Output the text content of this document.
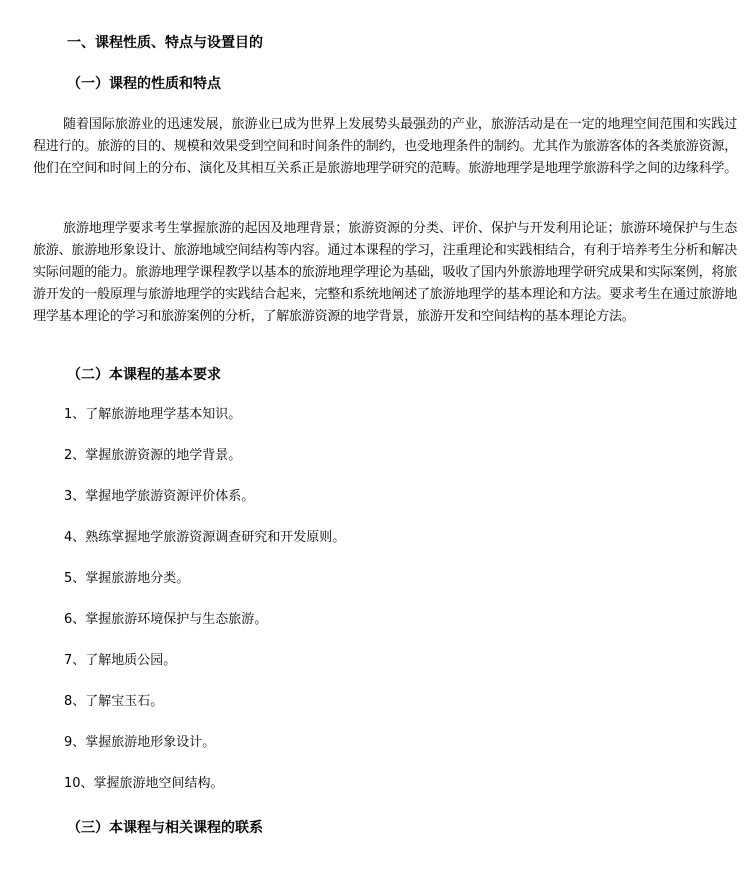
一、课程性质、特点与设置目的
（一）课程的性质和特点

随着国际旅游业的迅速发展，旅游业已成为世界上发展势头最强劲的产业，旅游活动是在一定的地理空间范围和实践过程进行的。旅游的目的、规模和效果受到空间和时间条件的制约，也受地理条件的制约。尤其作为旅游客体的各类旅游资源，他们在空间和时间上的分布、演化及其相互关系正是旅游地理学研究的范畴。旅游地理学是地理学旅游科学之间的边缘科学。

旅游地理学要求考生掌握旅游的起因及地理背景；旅游资源的分类、评价、保护与开发利用论证；旅游环境保护与生态旅游、旅游地形象设计、旅游地域空间结构等内容。通过本课程的学习，注重理论和实践相结合，有利于培养考生分析和解决实际问题的能力。旅游地理学课程教学以基本的旅游地理学理论为基础，吸收了国内外旅游地理学研究成果和实际案例，将旅游开发的一般原理与旅游地理学的实践结合起来，完整和系统地阐述了旅游地理学的基本理论和方法。要求考生在通过旅游地理学基本理论的学习和旅游案例的分析，了解旅游资源的地学背景，旅游开发和空间结构的基本理论方法。

（二）本课程的基本要求
1、了解旅游地理学基本知识。
2、掌握旅游资源的地学背景。
3、掌握地学旅游资源评价体系。
4、熟练掌握地学旅游资源调查研究和开发原则。
5、掌握旅游地分类。
6、掌握旅游环境保护与生态旅游。
7、了解地质公园。
8、了解宝玉石。
9、掌握旅游地形象设计。
10、掌握旅游地空间结构。
（三）本课程与相关课程的联系
